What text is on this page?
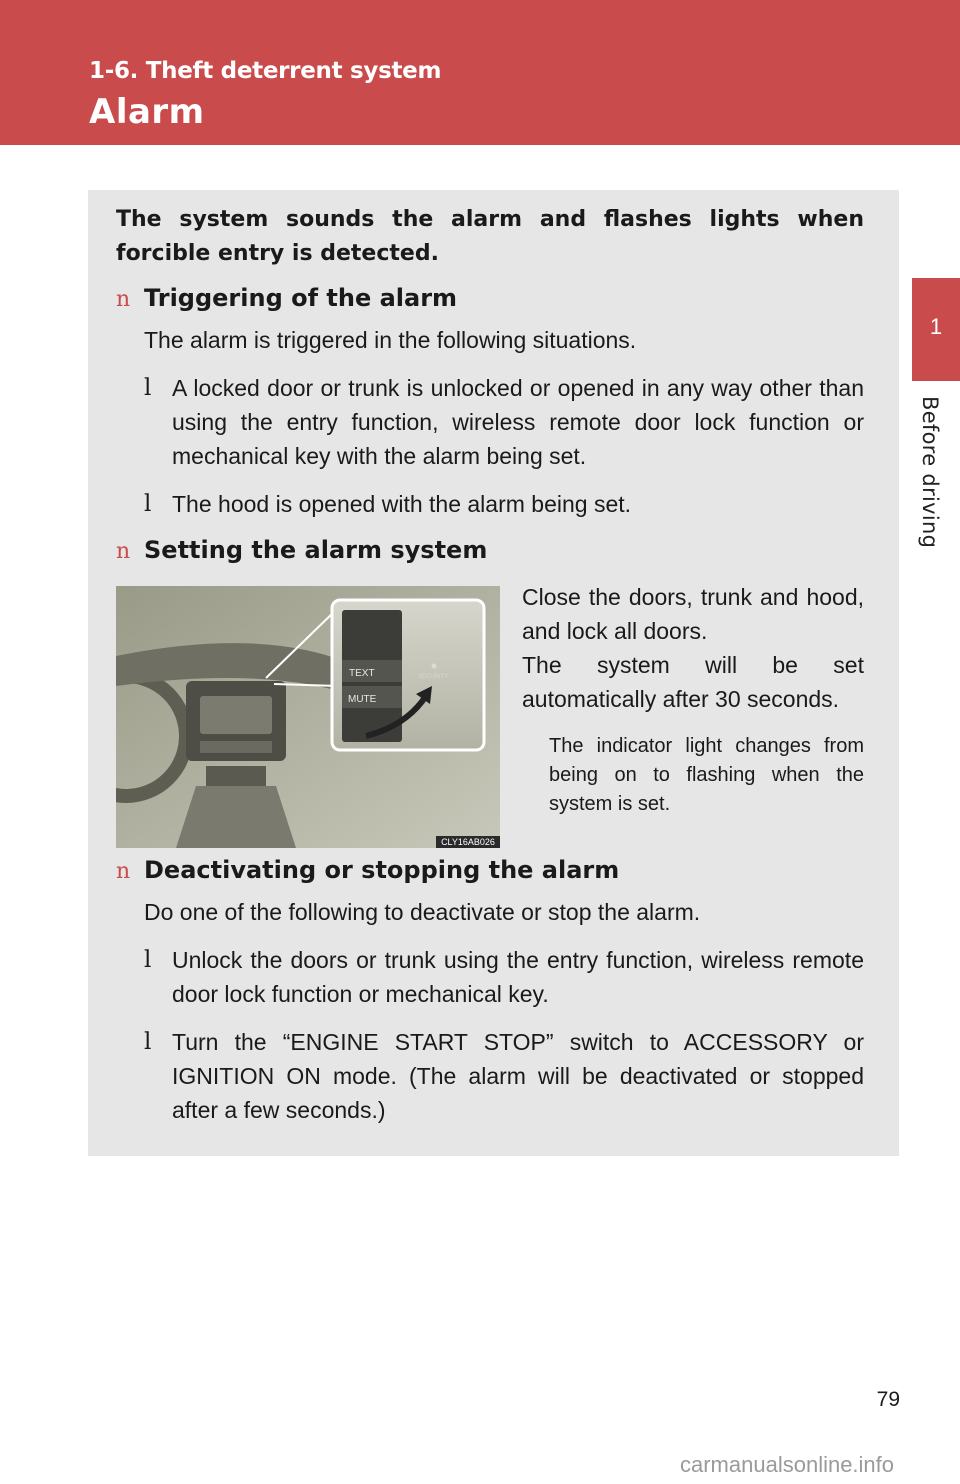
1-6. Theft deterrent system
Alarm
1
Before driving
The system sounds the alarm and flashes lights when forcible entry is detected.
n Triggering of the alarm
The alarm is triggered in the following situations.
l A locked door or trunk is unlocked or opened in any way other than using the entry function, wireless remote door lock function or mechanical key with the alarm being set.
l The hood is opened with the alarm being set.
n Setting the alarm system
TEXT
MUTE
SECURITY
CLY16AB026
Close the doors, trunk and hood, and lock all doors.
The system will be set automatically after 30 seconds.
The indicator light changes from being on to flashing when the system is set.
n Deactivating or stopping the alarm
Do one of the following to deactivate or stop the alarm.
l Unlock the doors or trunk using the entry function, wireless remote door lock function or mechanical key.
l Turn the “ENGINE START STOP” switch to ACCESSORY or IGNITION ON mode. (The alarm will be deactivated or stopped after a few seconds.)
79
carmanualsonline.info
